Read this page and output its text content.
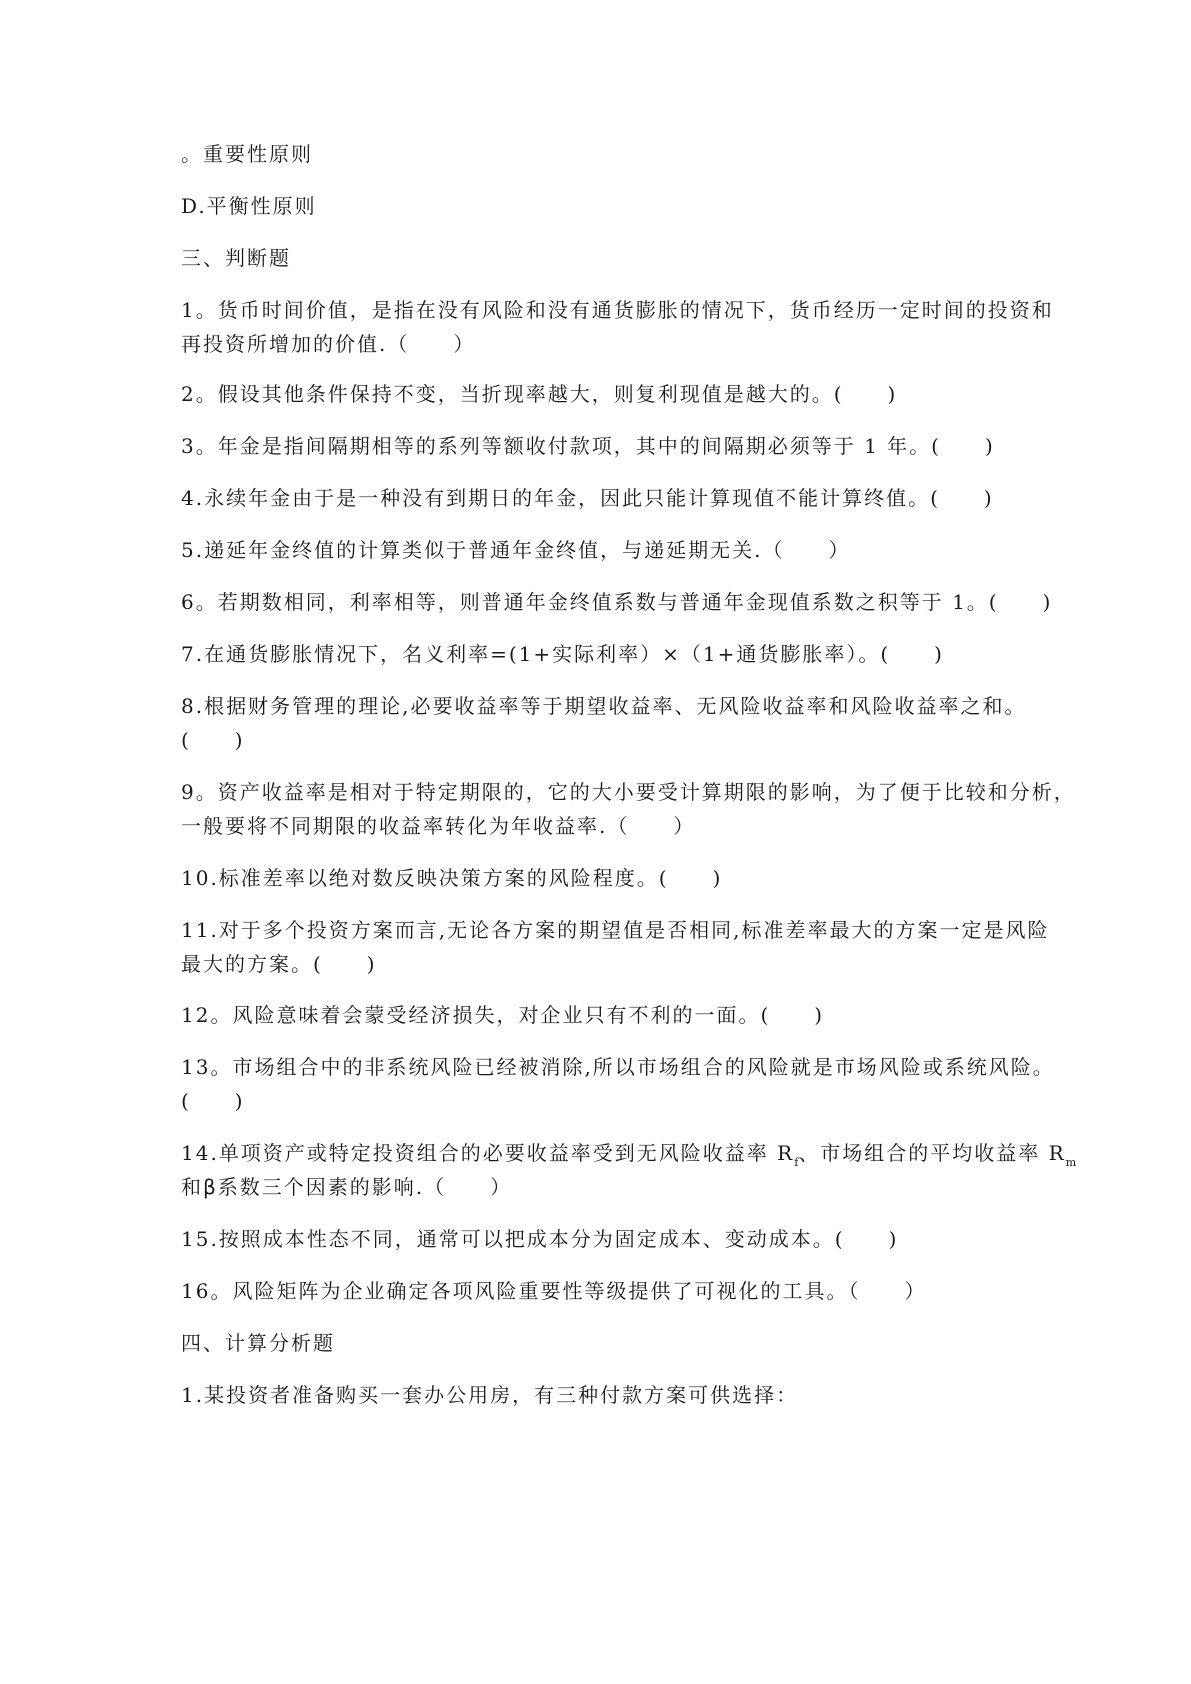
。重要性原则

D.平衡性原则

三、判断题

1。货币时间价值，是指在没有风险和没有通货膨胀的情况下，货币经历一定时间的投资和

再投资所增加的价值.（　　）

2。假设其他条件保持不变，当折现率越大，则复利现值是越大的。(　　)

3。年金是指间隔期相等的系列等额收付款项，其中的间隔期必须等于 1 年。(　　)

4.永续年金由于是一种没有到期日的年金，因此只能计算现值不能计算终值。(　　)

5.递延年金终值的计算类似于普通年金终值，与递延期无关.（　　）

6。若期数相同，利率相等，则普通年金终值系数与普通年金现值系数之积等于 1。(　　)

7.在通货膨胀情况下，名义利率=(1+实际利率）×（1+通货膨胀率）。(　　)

8.根据财务管理的理论,必要收益率等于期望收益率、无风险收益率和风险收益率之和。

(　　)

9。资产收益率是相对于特定期限的，它的大小要受计算期限的影响，为了便于比较和分析，

一般要将不同期限的收益率转化为年收益率.（　　）

10.标准差率以绝对数反映决策方案的风险程度。(　　)

11.对于多个投资方案而言,无论各方案的期望值是否相同,标准差率最大的方案一定是风险

最大的方案。(　　)

12。风险意味着会蒙受经济损失，对企业只有不利的一面。(　　)

13。市场组合中的非系统风险已经被消除,所以市场组合的风险就是市场风险或系统风险。

(　　)

14.单项资产或特定投资组合的必要收益率受到无风险收益率 $R_f$、市场组合的平均收益率 $R_m$

和β系数三个因素的影响.（　　）

15.按照成本性态不同，通常可以把成本分为固定成本、变动成本。(　　)

16。风险矩阵为企业确定各项风险重要性等级提供了可视化的工具。（　　）

四、计算分析题

1.某投资者准备购买一套办公用房，有三种付款方案可供选择：
